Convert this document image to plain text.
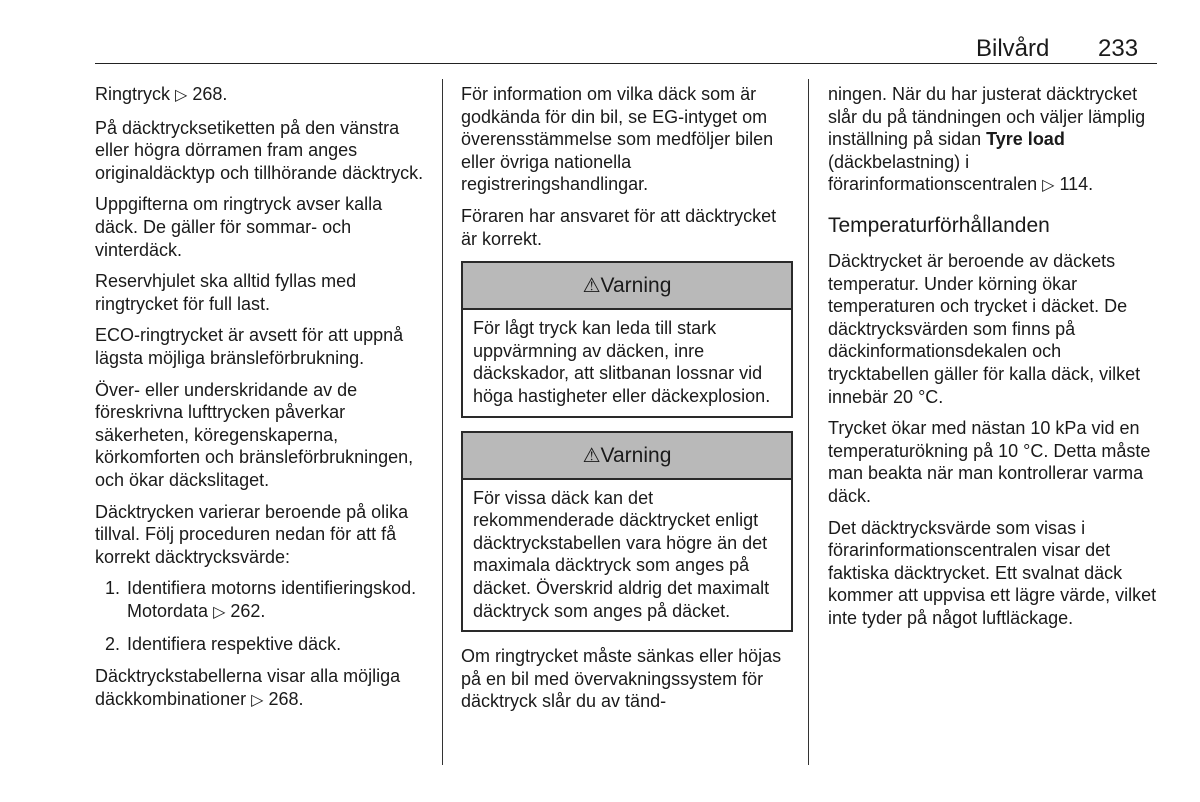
Bilvård 233

Ringtryck ▷ 268.

På däcktrycksetiketten på den vänstra eller högra dörramen fram anges originaldäcktyp och tillhörande däcktryck.

Uppgifterna om ringtryck avser kalla däck. De gäller för sommar- och vinterdäck.

Reservhjulet ska alltid fyllas med ringtrycket för full last.

ECO-ringtrycket är avsett för att uppnå lägsta möjliga bränsleförbrukning.

Över- eller underskridande av de föreskrivna lufttrycken påverkar säkerheten, köregenskaperna, körkomforten och bränsleförbrukningen, och ökar däckslitaget.

Däcktrycken varierar beroende på olika tillval. Följ proceduren nedan för att få korrekt däcktrycksvärde:

1. Identifiera motorns identifieringskod. Motordata ▷ 262.
2. Identifiera respektive däck.

Däcktryckstabellerna visar alla möjliga däckkombinationer ▷ 268.

För information om vilka däck som är godkända för din bil, se EG-intyget om överensstämmelse som medföljer bilen eller övriga nationella registreringshandlingar.

Föraren har ansvaret för att däcktrycket är korrekt.

⚠Varning
För lågt tryck kan leda till stark uppvärmning av däcken, inre däckskador, att slitbanan lossnar vid höga hastigheter eller däckexplosion.
⚠Varning
För vissa däck kan det rekommenderade däcktrycket enligt däcktryckstabellen vara högre än det maximala däcktryck som anges på däcket. Överskrid aldrig det maximalt däcktryck som anges på däcket.

Om ringtrycket måste sänkas eller höjas på en bil med övervakningssystem för däcktryck slår du av tänd-

ningen. När du har justerat däcktrycket slår du på tändningen och väljer lämplig inställning på sidan Tyre load (däckbelastning) i förarinformationscentralen ▷ 114.

Temperaturförhållanden

Däcktrycket är beroende av däckets temperatur. Under körning ökar temperaturen och trycket i däcket. De däcktrycksvärden som finns på däckinformationsdekalen och trycktabellen gäller för kalla däck, vilket innebär 20 °C.

Trycket ökar med nästan 10 kPa vid en temperaturökning på 10 °C. Detta måste man beakta när man kontrollerar varma däck.

Det däcktrycksvärde som visas i förarinformationscentralen visar det faktiska däcktrycket. Ett svalnat däck kommer att uppvisa ett lägre värde, vilket inte tyder på något luftläckage.
